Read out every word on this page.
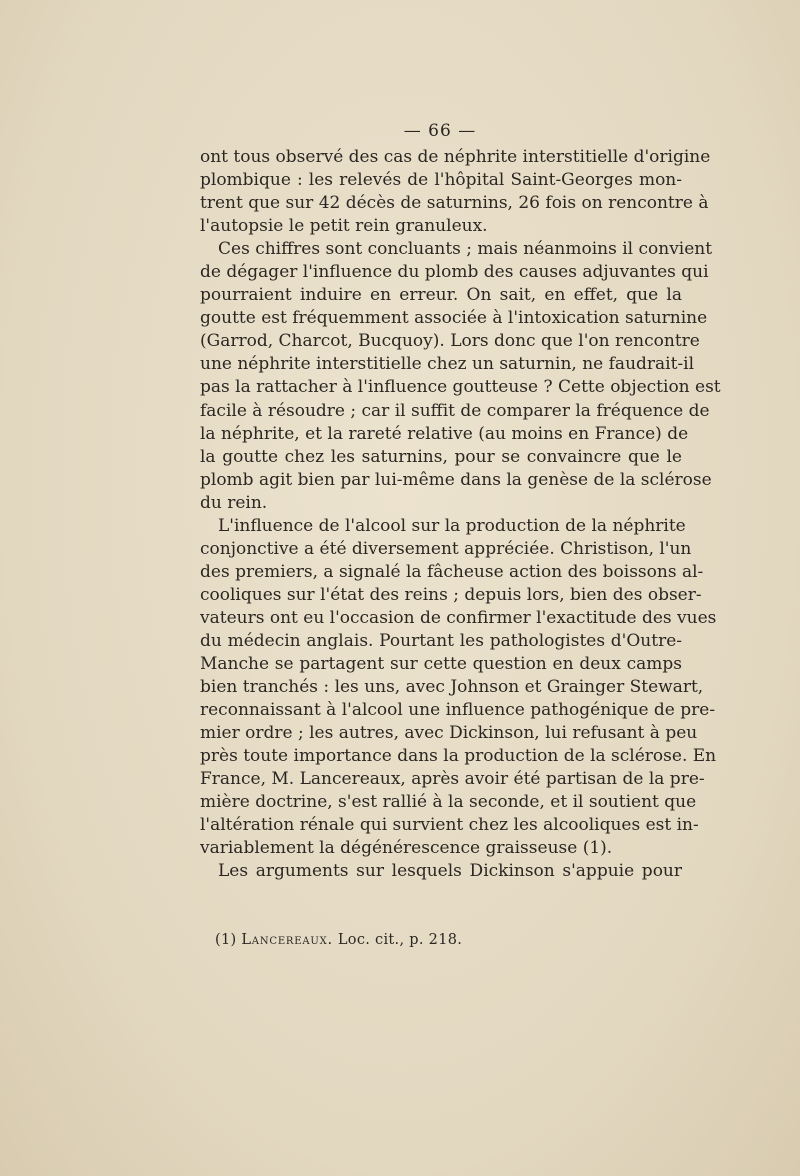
— 66 —
ont tous observé des cas de néphrite interstitielle d'origine
plombique : les relevés de l'hôpital Saint-Georges mon-
trent que sur 42 décès de saturnins, 26 fois on rencontre à
l'autopsie le petit rein granuleux.
Ces chiffres sont concluants ; mais néanmoins il convient
de dégager l'influence du plomb des causes adjuvantes qui
pourraient induire en erreur. On sait, en effet, que la
goutte est fréquemment associée à l'intoxication saturnine
(Garrod, Charcot, Bucquoy). Lors donc que l'on rencontre
une néphrite interstitielle chez un saturnin, ne faudrait-il
pas la rattacher à l'influence goutteuse ? Cette objection est
facile à résoudre ; car il suffit de comparer la fréquence de
la néphrite, et la rareté relative (au moins en France) de
la goutte chez les saturnins, pour se convaincre que le
plomb agit bien par lui-même dans la genèse de la sclérose
du rein.
L'influence de l'alcool sur la production de la néphrite
conjonctive a été diversement appréciée. Christison, l'un
des premiers, a signalé la fâcheuse action des boissons al-
cooliques sur l'état des reins ; depuis lors, bien des obser-
vateurs ont eu l'occasion de confirmer l'exactitude des vues
du médecin anglais. Pourtant les pathologistes d'Outre-
Manche se partagent sur cette question en deux camps
bien tranchés : les uns, avec Johnson et Grainger Stewart,
reconnaissant à l'alcool une influence pathogénique de pre-
mier ordre ; les autres, avec Dickinson, lui refusant à peu
près toute importance dans la production de la sclérose. En
France, M. Lancereaux, après avoir été partisan de la pre-
mière doctrine, s'est rallié à la seconde, et il soutient que
l'altération rénale qui survient chez les alcooliques est in-
variablement la dégénérescence graisseuse (1).
Les arguments sur lesquels Dickinson s'appuie pour
(1) Lancereaux. Loc. cit., p. 218.
